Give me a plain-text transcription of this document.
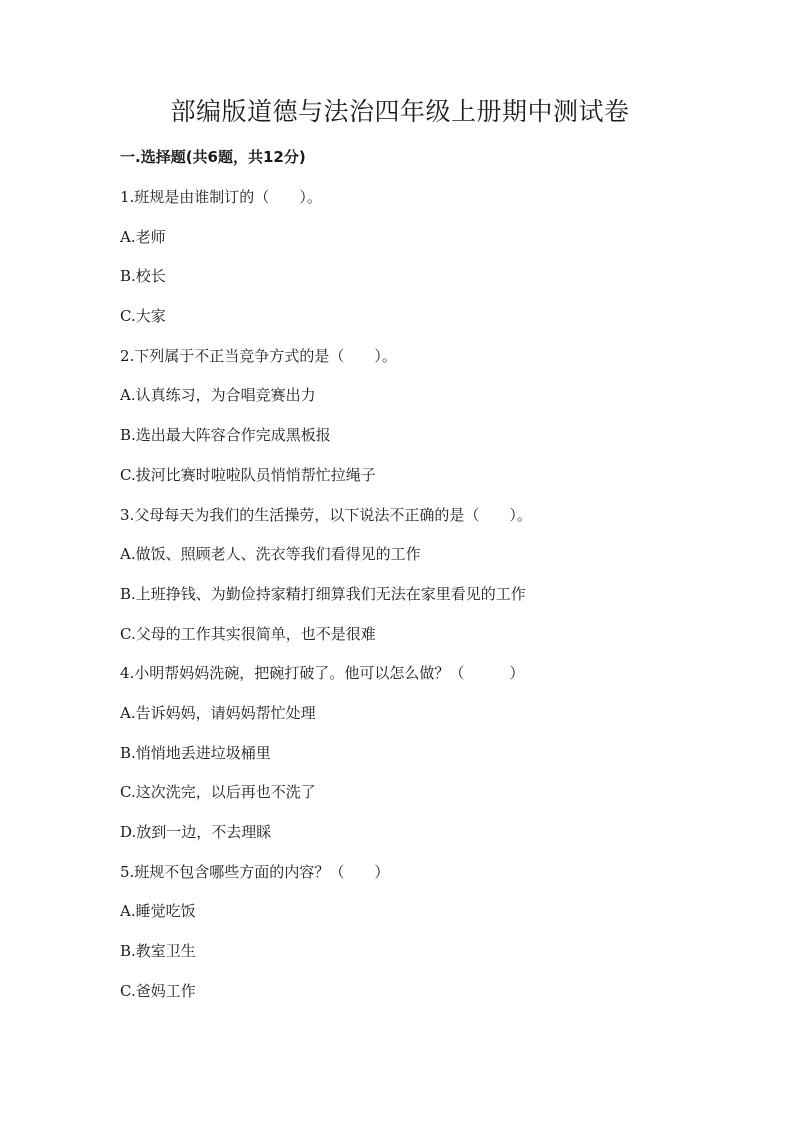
部编版道德与法治四年级上册期中测试卷
一.选择题(共6题，共12分)
1.班规是由谁制订的（　　）。
A.老师
B.校长
C.大家
2.下列属于不正当竞争方式的是（　　）。
A.认真练习，为合唱竞赛出力
B.选出最大阵容合作完成黑板报
C.拔河比赛时啦啦队员悄悄帮忙拉绳子
3.父母每天为我们的生活操劳，以下说法不正确的是（　　）。
A.做饭、照顾老人、洗衣等我们看得见的工作
B.上班挣钱、为勤俭持家精打细算我们无法在家里看见的工作
C.父母的工作其实很简单，也不是很难
4.小明帮妈妈洗碗，把碗打破了。他可以怎么做？（　　　）
A.告诉妈妈，请妈妈帮忙处理
B.悄悄地丢进垃圾桶里
C.这次洗完，以后再也不洗了
D.放到一边，不去理睬
5.班规不包含哪些方面的内容？（　　）
A.睡觉吃饭
B.教室卫生
C.爸妈工作
